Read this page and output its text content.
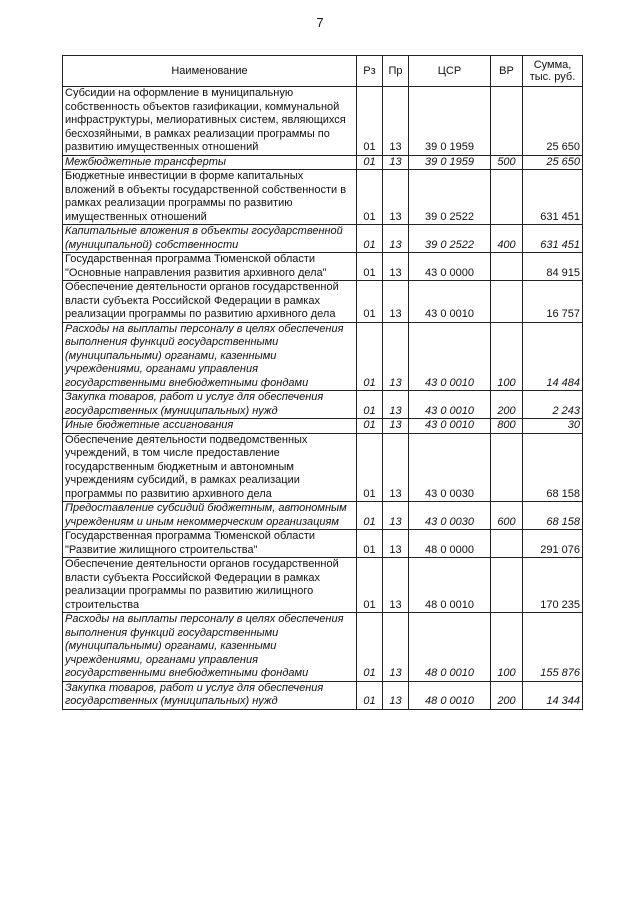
7
Наименование	Рз	Пр	ЦСР	ВР	Сумма, тыс. руб.
Субсидии на оформление в муниципальную собственность объектов газификации, коммунальной инфраструктуры, мелиоративных систем, являющихся бесхозяйными, в рамках реализации программы по развитию имущественных отношений	01	13	39 0 1959		25 650
Межбюджетные трансферты	01	13	39 0 1959	500	25 650
Бюджетные инвестиции в форме капитальных вложений в объекты государственной собственности в рамках реализации программы по развитию имущественных отношений	01	13	39 0 2522		631 451
Капитальные вложения в объекты государственной (муниципальной) собственности	01	13	39 0 2522	400	631 451
Государственная программа Тюменской области "Основные направления развития архивного дела"	01	13	43 0 0000		84 915
Обеспечение деятельности органов государственной власти субъекта Российской Федерации в рамках реализации программы по развитию архивного дела	01	13	43 0 0010		16 757
Расходы на выплаты персоналу в целях обеспечения выполнения функций государственными (муниципальными) органами, казенными учреждениями, органами управления государственными внебюджетными фондами	01	13	43 0 0010	100	14 484
Закупка товаров, работ и услуг для обеспечения государственных (муниципальных) нужд	01	13	43 0 0010	200	2 243
Иные бюджетные ассигнования	01	13	43 0 0010	800	30
Обеспечение деятельности подведомственных учреждений, в том числе предоставление государственным бюджетным и автономным учреждениям субсидий, в рамках реализации программы по развитию архивного дела	01	13	43 0 0030		68 158
Предоставление субсидий бюджетным, автономным учреждениям и иным некоммерческим организациям	01	13	43 0 0030	600	68 158
Государственная программа Тюменской области "Развитие жилищного строительства"	01	13	48 0 0000		291 076
Обеспечение деятельности органов государственной власти субъекта Российской Федерации в рамках реализации программы по развитию жилищного строительства	01	13	48 0 0010		170 235
Расходы на выплаты персоналу в целях обеспечения выполнения функций государственными (муниципальными) органами, казенными учреждениями, органами управления государственными внебюджетными фондами	01	13	48 0 0010	100	155 876
Закупка товаров, работ и услуг для обеспечения государственных (муниципальных) нужд	01	13	48 0 0010	200	14 344
